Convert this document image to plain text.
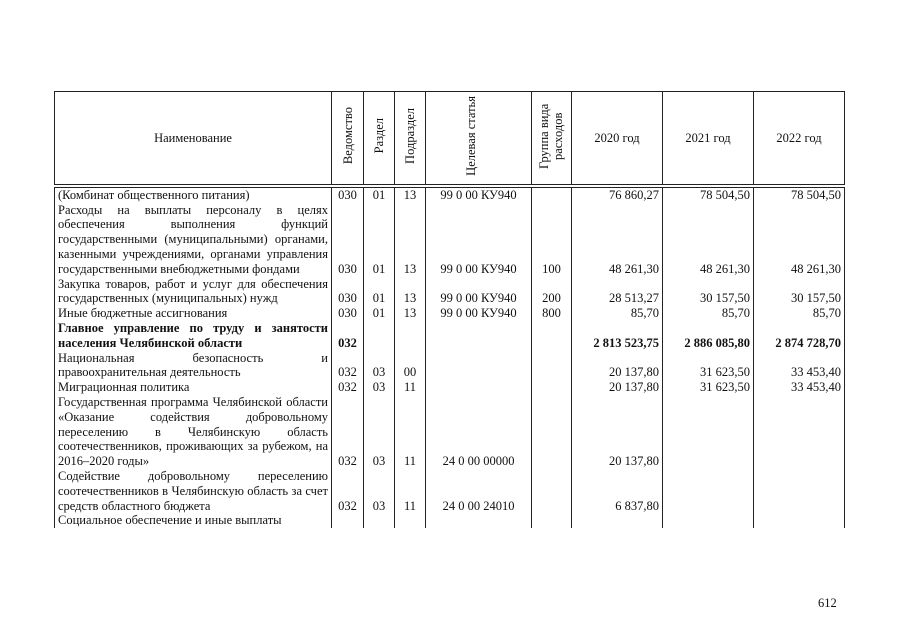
Наименование	Ведомство	Раздел	Подраздел	Целевая статья	Группа вида расходов	2020 год	2021 год	2022 год

(Комбинат общественного питания)	030	01	13	99 0 00 КУ940		76 860,27	78 504,50	78 504,50
Расходы на выплаты персоналу в целях обеспечения выполнения функций государственными (муниципальными) органами, казенными учреждениями, органами управления государственными внебюджетными фондами	030	01	13	99 0 00 КУ940	100	48 261,30	48 261,30	48 261,30
Закупка товаров, работ и услуг для обеспечения государственных (муниципальных) нужд	030	01	13	99 0 00 КУ940	200	28 513,27	30 157,50	30 157,50
Иные бюджетные ассигнования	030	01	13	99 0 00 КУ940	800	85,70	85,70	85,70
Главное управление по труду и занятости населения Челябинской области	032					2 813 523,75	2 886 085,80	2 874 728,70
Национальная безопасность и правоохранительная деятельность	032	03	00			20 137,80	31 623,50	33 453,40
Миграционная политика	032	03	11			20 137,80	31 623,50	33 453,40
Государственная программа Челябинской области «Оказание содействия добровольному переселению в Челябинскую область соотечественников, проживающих за рубежом, на 2016–2020 годы»	032	03	11	24 0 00 00000		20 137,80		
Содействие добровольному переселению соотечественников в Челябинскую область за счет средств областного бюджета	032	03	11	24 0 00 24010		6 837,80		
Социальное обеспечение и иные выплаты								
612
